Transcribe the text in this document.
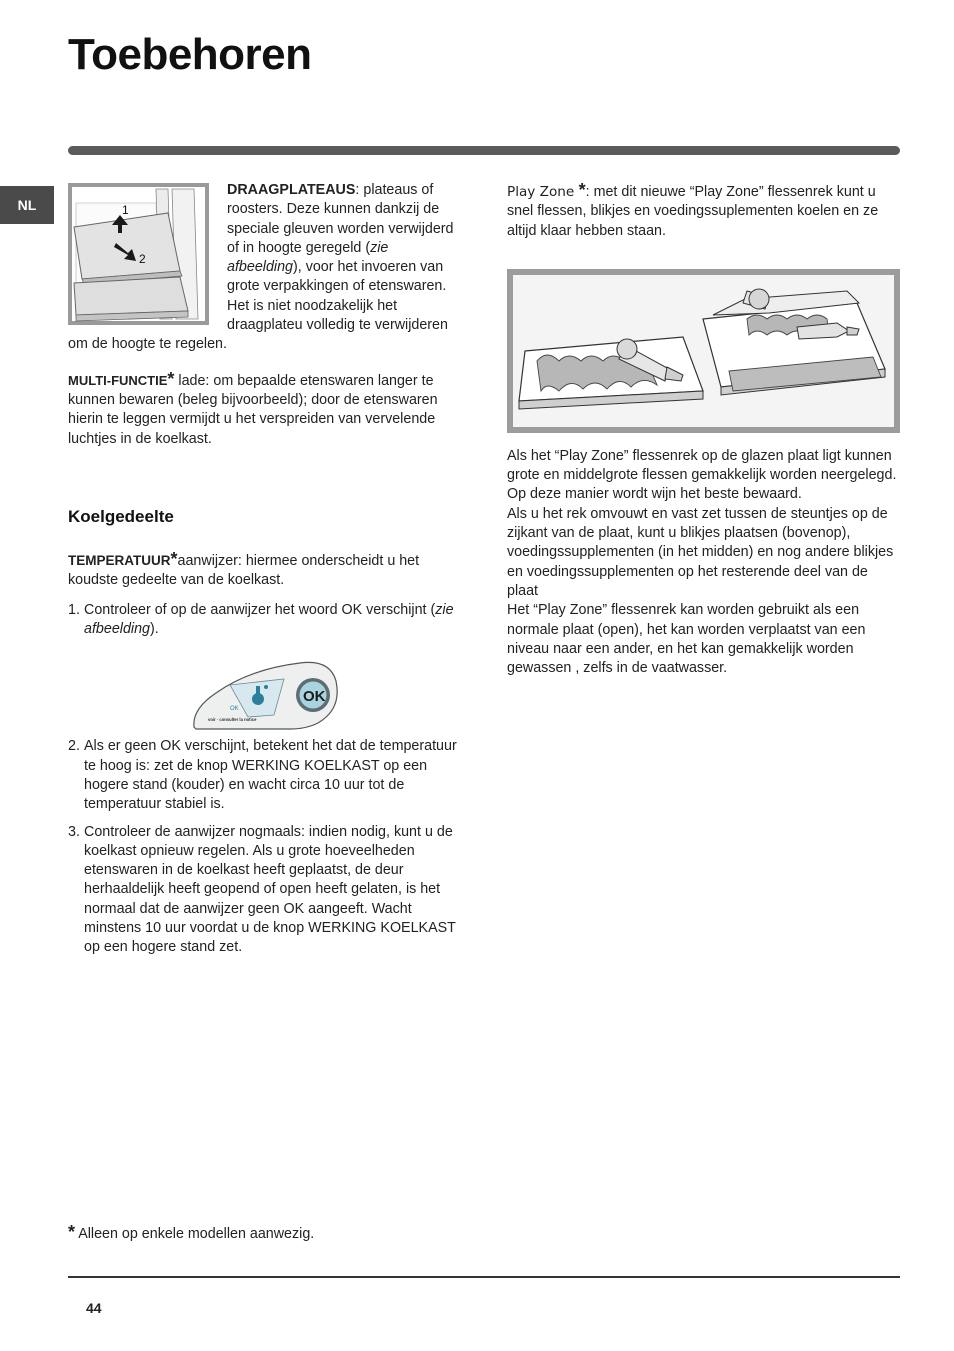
Toebehoren
NL	1
2

DRAAGPLATEAUS: plateaus of roosters. Deze kunnen dankzij de speciale gleuven worden verwijderd of in hoogte geregeld (zie afbeelding), voor het invoeren van grote verpakkingen of etenswaren. Het is niet noodzakelijk het draagplateu volledig te verwijderen om de hoogte te regelen.

MULTI-FUNCTIE* lade: om bepaalde etenswaren langer te kunnen bewaren (beleg bijvoorbeeld); door de etenswaren hierin te leggen vermijdt u het verspreiden van vervelende luchtjes in de koelkast.

Koelgedeelte

TEMPERATUUR*aanwijzer: hiermee onderscheidt u het koudste gedeelte van de koelkast.

1. Controleer of op de aanwijzer het woord OK verschijnt (zie afbeelding).
OK
voir · consulter la notice
OK
2. Als er geen OK verschijnt, betekent het dat de temperatuur te hoog is: zet de knop WERKING KOELKAST op een hogere stand (kouder) en wacht circa 10 uur tot de temperatuur stabiel is.
3. Controleer de aanwijzer nogmaals: indien nodig, kunt u de koelkast opnieuw regelen. Als u grote hoeveelheden etenswaren in de koelkast heeft geplaatst, de deur herhaaldelijk heeft geopend of open heeft gelaten, is het normaal dat de aanwijzer geen OK aangeeft. Wacht minstens 10 uur voordat u de knop WERKING KOELKAST op een hogere stand zet.

Play Zone *: met dit nieuwe “Play Zone” flessenrek kunt u snel flessen, blikjes en voedingssuplementen koelen en ze altijd klaar hebben staan.

Als het “Play Zone” flessenrek op de glazen plaat ligt kunnen grote en middelgrote flessen gemakkelijk worden neergelegd. Op deze manier wordt wijn het beste bewaard.

Als u het rek omvouwt en vast zet tussen de steuntjes op de zijkant van de plaat, kunt u blikjes plaatsen (bovenop), voedingssupplementen (in het midden) en nog andere blikjes en voedingssupplementen op het resterende deel van de plaat

Het “Play Zone” flessenrek kan worden gebruikt als een normale plaat (open), het kan worden verplaatst van een niveau naar een ander, en het kan gemakkelijk worden gewassen , zelfs in de vaatwasser.

* Alleen op enkele modellen aanwezig.
44
